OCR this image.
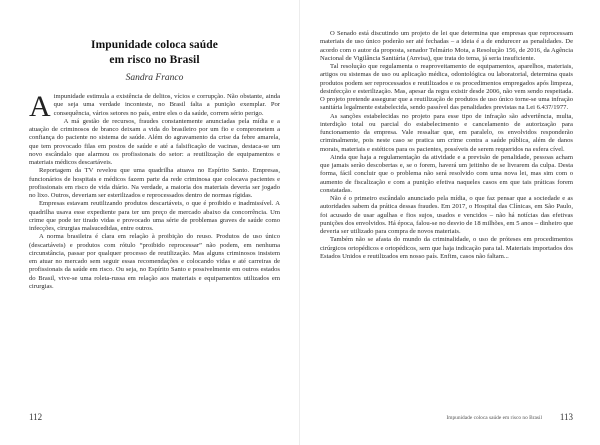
Impunidade coloca saúde
em risco no Brasil
Sandra Franco

Aimpunidade estimula a existência de delitos, vícios e corrupção. Não obstante, ainda que seja uma verdade inconteste, no Brasil falta a punição exemplar. Por consequência, vários setores no país, entre eles o da saúde, correm sério perigo.

A má gestão de recursos, fraudes constantemente anunciadas pela mídia e a atuação de criminosos de branco deixam a vida do brasileiro por um fio e comprometem a confiança do paciente no sistema de saúde. Além do agravamento da crise da febre amarela, que tem provocado filas em postos de saúde e até a falsificação de vacinas, destaca-se um novo escândalo que alarmou os profissionais do setor: a reutilização de equipamentos e materiais médicos descartáveis.

Reportagem da TV revelou que uma quadrilha atuava no Espírito Santo. Empresas, funcionários de hospitais e médicos fazem parte da rede criminosa que colocava pacientes e profissionais em risco de vida diário. Na verdade, a maioria dos materiais deveria ser jogado no lixo. Outros, deveriam ser esterilizados e reprocessados dentro de normas rígidas.

Empresas estavam reutilizando produtos descartáveis, o que é proibido e inadmissível. A quadrilha usava esse expediente para ter um preço de mercado abaixo da concorrência. Um crime que pode ter tirado vidas e provocado uma série de problemas graves de saúde como infecções, cirurgias malsucedidas, entre outros.

A norma brasileira é clara em relação à proibição do reuso. Produtos de uso único (descartáveis) e produtos com rótulo “proibido reprocessar” não podem, em nenhuma circunstância, passar por qualquer processo de reutilização. Mas alguns criminosos insistem em atuar no mercado sem seguir essas recomendações e colocando vidas e até carreiras de profissionais da saúde em risco. Ou seja, no Espírito Santo e possivelmente em outros estados do Brasil, vive-se uma roleta-russa em relação aos materiais e equipamentos utilizados em cirurgias.

112

O Senado está discutindo um projeto de lei que determina que empresas que reprocessam materiais de uso único poderão ser até fechadas – a ideia é a de endurecer as penalidades. De acordo com o autor da proposta, senador Telmário Mota, a Resolução 156, de 2016, da Agência Nacional de Vigilância Sanitária (Anvisa), que trata do tema, já seria insuficiente.

Tal resolução que regulamenta o reaproveitamento de equipamentos, aparelhos, materiais, artigos ou sistemas de uso ou aplicação médica, odontológica ou laboratorial, determina quais produtos podem ser reprocessados e reutilizados e os procedimentos empregados após limpeza, desinfecção e esterilização. Mas, apesar da regra existir desde 2006, não vem sendo respeitada. O projeto pretende assegurar que a reutilização de produtos de uso único torne-se uma infração sanitária legalmente estabelecida, sendo passível das penalidades previstas na Lei 6.437/1977.

As sanções estabelecidas no projeto para esse tipo de infração são advertência, multa, interdição total ou parcial do estabelecimento e cancelamento de autorização para funcionamento da empresa. Vale ressaltar que, em paralelo, os envolvidos responderão criminalmente, pois neste caso se pratica um crime contra a saúde pública, além de danos morais, materiais e estéticos para os pacientes, possíveis de serem requeridos na esfera cível.

Ainda que haja a regulamentação da atividade e a previsão de penalidade, pessoas acham que jamais serão descobertas e, se o forem, haverá um jeitinho de se livrarem da culpa. Desta forma, fácil concluir que o problema não será resolvido com uma nova lei, mas sim com o aumento de fiscalização e com a punição efetiva naqueles casos em que tais práticas forem constatadas.

Não é o primeiro escândalo anunciado pela mídia, o que faz pensar que a sociedade e as autoridades sabem da prática dessas fraudes. Em 2017, o Hospital das Clínicas, em São Paulo, foi acusado de usar agulhas e fios sujos, usados e vencidos – não há notícias das efetivas punições dos envolvidos. Há época, falou-se no desvio de 18 milhões, em 5 anos – dinheiro que deveria ser utilizado para compra de novos materiais.

Também não se afasta do mundo da criminalidade, o uso de próteses em procedimentos cirúrgicos ortopédicos e ortopédicos, sem que haja indicação para tal. Materiais importados dos Estados Unidos e reutilizados em nosso país. Enfim, casos não faltam...

Impunidade coloca saúde em risco no Brasil 113
